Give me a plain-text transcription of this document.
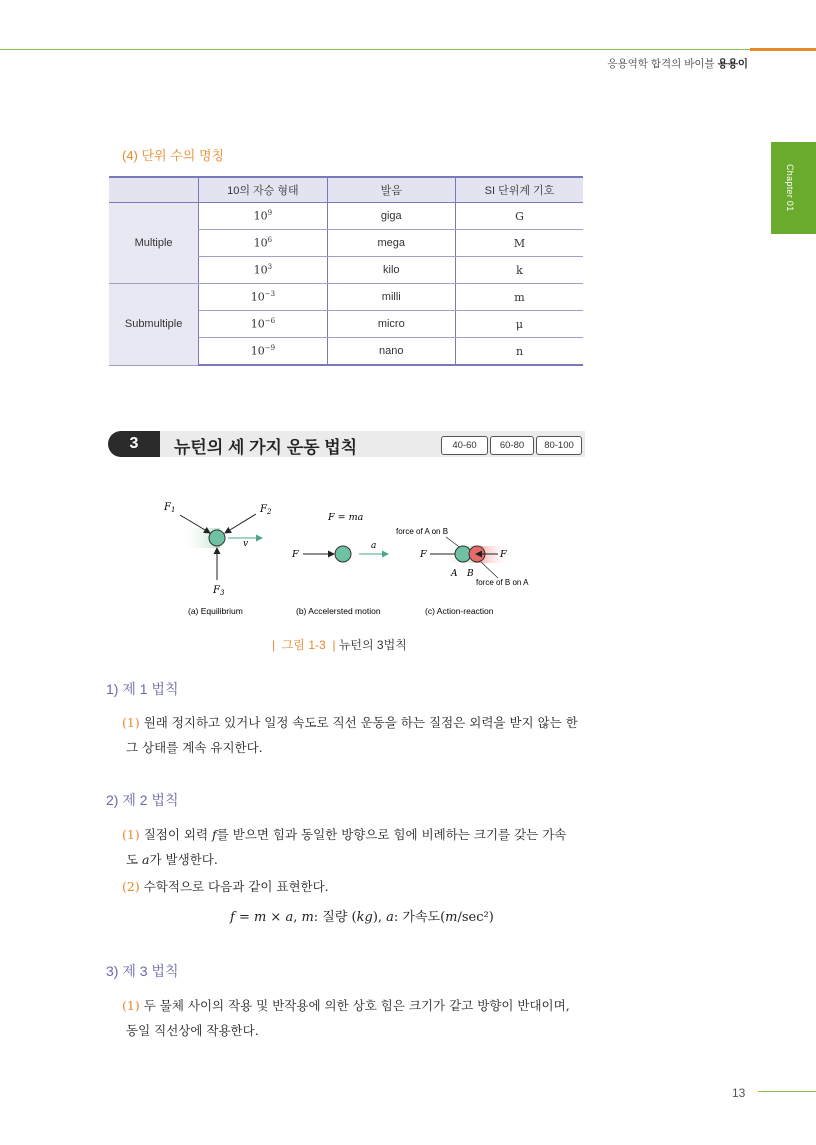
응용역학 합격의 바이블 용용이
Chapter 01
(4) 단위 수의 명칭
	10의 자승 형태	발음	SI 단위계 기호
Multiple	$10^9$	giga	G
	$10^6$	mega	M
	$10^3$	kilo	k
Submultiple	$10^{-3}$	milli	m
	$10^{-6}$	micro	μ
	$10^{-9}$	nano	n
3	뉴턴의 세 가지 운동 법칙	40-60	60-80	80-100
$F_1$	$F_2$
$F_3$
v
(a) Equilibrium
F = ma
F
a
(b) Accelersted motion
force of A on B
F	F
A B
force of B on A
(c) Action-reaction
|  그림 1-3  | 뉴턴의 3법칙
1) 제 1 법칙
(1) 원래 정지하고 있거나 일정 속도로 직선 운동을 하는 질점은 외력을 받지 않는 한
그 상태를 계속 유지한다.
2) 제 2 법칙
(1) 질점이 외력 𝑓를 받으면 힘과 동일한 방향으로 힘에 비례하는 크기를 갖는 가속
도 𝑎가 발생한다.
(2) 수학적으로 다음과 같이 표현한다.
𝑓 = 𝑚 × 𝑎, 𝑚: 질량 (𝑘𝑔), 𝑎: 가속도(𝑚/sec²)
3) 제 3 법칙
(1) 두 물체 사이의 작용 및 반작용에 의한 상호 힘은 크기가 같고 방향이 반대이며,
동일 직선상에 작용한다.
13
